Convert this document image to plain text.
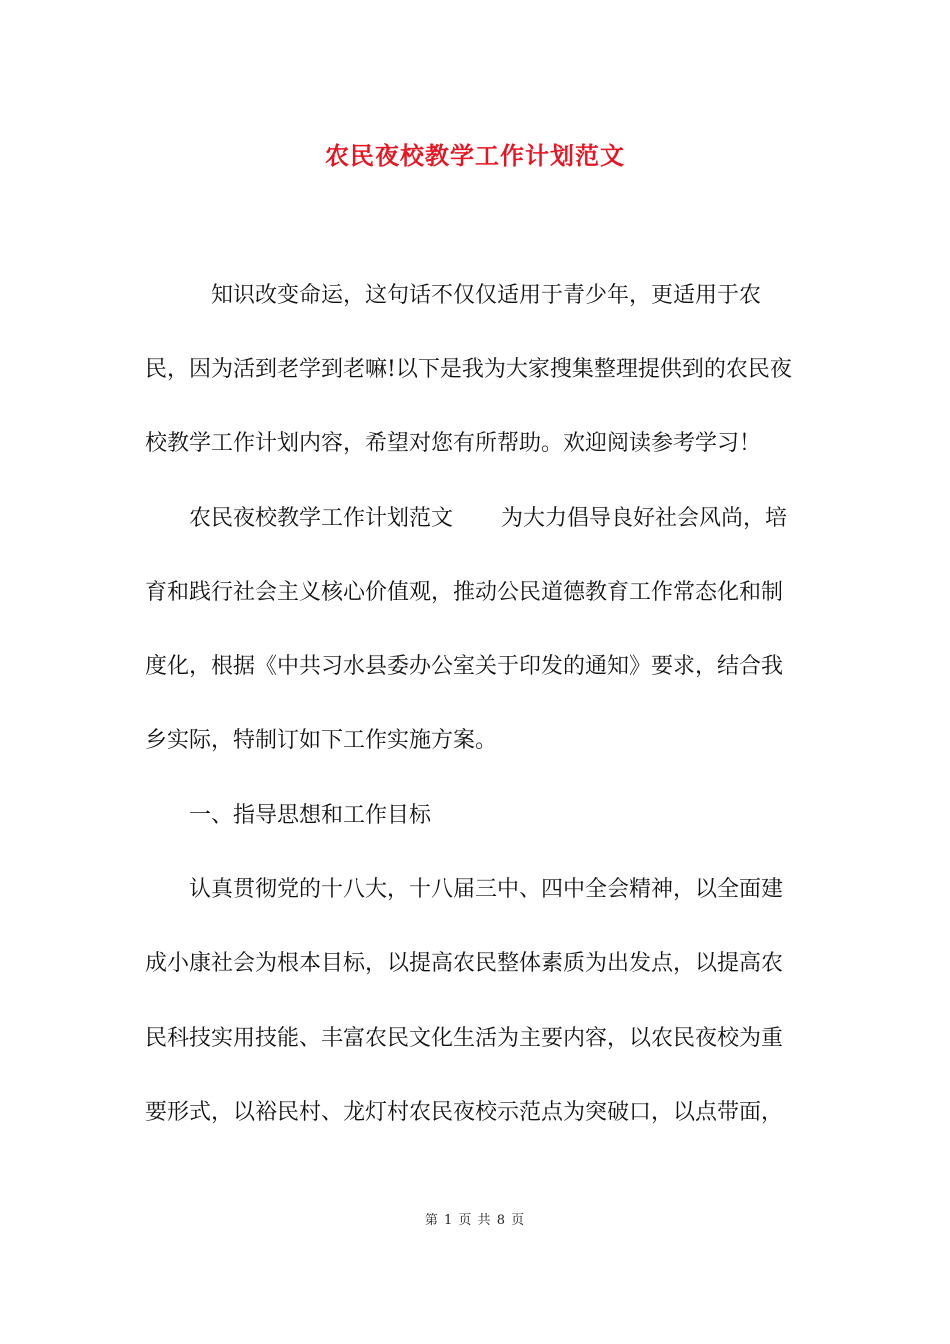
农民夜校教学工作计划范文
　　　知识改变命运，这句话不仅仅适用于青少年，更适用于农
民，因为活到老学到老嘛!以下是我为大家搜集整理提供到的农民夜
校教学工作计划内容，希望对您有所帮助。欢迎阅读参考学习！
　　农民夜校教学工作计划范文 为大力倡导良好社会风尚，培
育和践行社会主义核心价值观，推动公民道德教育工作常态化和制
度化，根据《中共习水县委办公室关于印发的通知》要求，结合我
乡实际，特制订如下工作实施方案。
　　一、指导思想和工作目标
　　认真贯彻党的十八大，十八届三中、四中全会精神，以全面建
成小康社会为根本目标，以提高农民整体素质为出发点，以提高农
民科技实用技能、丰富农民文化生活为主要内容，以农民夜校为重
要形式，以裕民村、龙灯村农民夜校示范点为突破口，以点带面，
第 1 页 共 8 页
